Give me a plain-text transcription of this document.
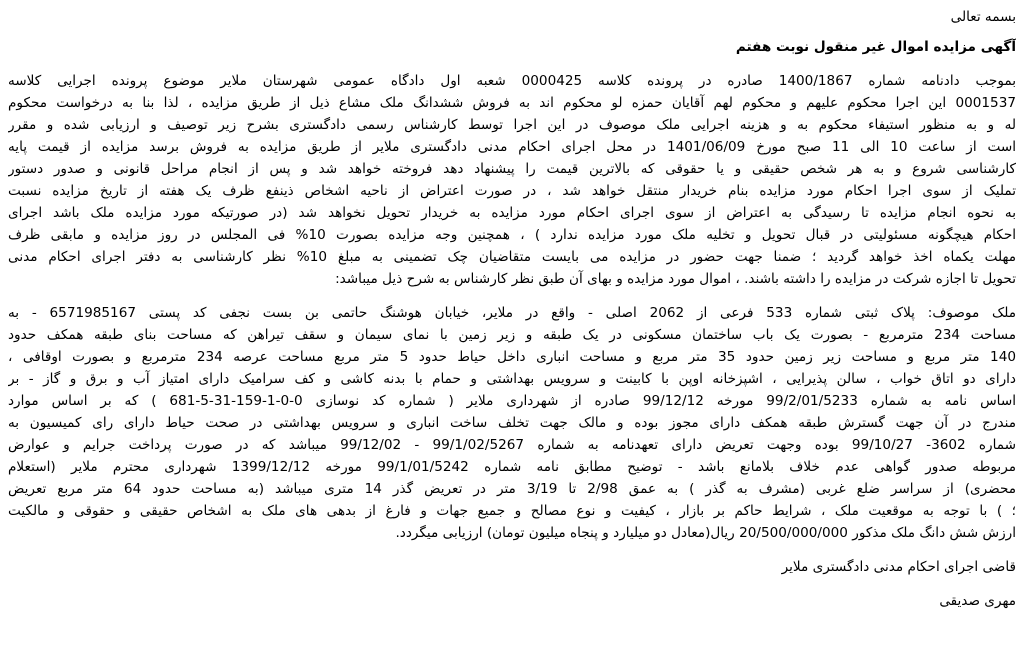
بسمه تعالی
آگهی مزایده اموال غیر منقول نوبت هفتم
بموجب دادنامه شماره 1400/1867 صادره در پرونده کلاسه 0000425 شعبه اول دادگاه عمومی شهرستان ملایر موضوع پرونده اجرایی کلاسه
0001537 این اجرا محکوم علیهم و محکوم لهم آقایان حمزه لو محکوم اند به فروش ششدانگ ملک مشاع ذیل از طریق مزایده ، لذا بنا به درخواست محکوم
له و به منظور استیفاء محکوم به و هزینه اجرایی ملک موصوف در این اجرا توسط کارشناس رسمی دادگستری بشرح زیر توصیف و ارزیابی شده و مقرر
است از ساعت 10 الی 11 صبح مورخ 1401/06/09 در محل اجرای احکام مدنی دادگستری ملایر از طریق مزایده به فروش برسد مزایده از قیمت پایه
کارشناسی شروع و به هر شخص حقیقی و یا حقوقی که بالاترین قیمت را پیشنهاد دهد فروخته خواهد شد و پس از انجام مراحل قانونی و صدور دستور
تملیک از سوی اجرا احکام مورد مزایده بنام خریدار منتقل خواهد شد ، در صورت اعتراض از ناحیه اشخاص ذینفع ظرف یک هفته از تاریخ مزایده نسبت
به نحوه انجام مزایده تا رسیدگی به اعتراض از سوی اجرای احکام مورد مزایده به خریدار تحویل نخواهد شد (در صورتیکه مورد مزایده ملک باشد اجرای
احکام هیچگونه مسئولیتی در قبال تحویل و تخلیه ملک مورد مزایده ندارد ) ، همچنین وجه مزایده بصورت 10% فی المجلس در روز مزایده و مابقی ظرف
مهلت یکماه اخذ خواهد گردید ؛ ضمنا جهت حضور در مزایده می بایست متقاضیان چک تضمینی به مبلغ 10% نظر کارشناسی به دفتر اجرای احکام مدنی
تحویل تا اجازه شرکت در مزایده را داشته باشند. ، اموال مورد مزایده و بهای آن طبق نظر کارشناس به شرح ذیل میباشد:
ملک موصوف: پلاک ثبتی شماره 533 فرعی از 2062 اصلی - واقع در ملایر، خیابان هوشنگ حاتمی بن بست نجفی کد پستی 6571985167 - به
مساحت 234 مترمربع - بصورت یک باب ساختمان مسکونی در یک طبقه و زیر زمین با نمای سیمان و سقف تیراهن که مساحت بنای طبقه همکف حدود
140 متر مربع و مساحت زیر زمین حدود 35 متر مربع و مساحت انباری داخل حیاط حدود 5 متر مربع مساحت عرصه 234 مترمربع و بصورت اوقافی ،
دارای دو اتاق خواب ، سالن پذیرایی ، اشپزخانه اوپن با کابینت و سرویس بهداشتی و حمام با بدنه کاشی و کف سرامیک دارای امتیاز آب و برق و گاز - بر
اساس نامه به شماره 99/2/01/5233 مورخه 99/12/12 صادره از شهرداری ملایر ( شماره کد نوسازی 0-0-1-159-31-5-681 ) که بر اساس موارد
مندرج در آن جهت گسترش طبقه همکف دارای مجوز بوده و مالک جهت تخلف ساخت انباری و سرویس بهداشتی در صحت حیاط دارای رای کمیسیون به
شماره 3602- 99/10/27 بوده وجهت تعریض دارای تعهدنامه به شماره 99/1/02/5267 - 99/12/02 میباشد که در صورت پرداخت جرایم و عوارض
مربوطه صدور گواهی عدم خلاف بلامانع باشد - توضیح مطابق نامه شماره 99/1/01/5242 مورخه 1399/12/12 شهرداری محترم ملایر (استعلام
محضری) از سراسر ضلع غربی (مشرف به گذر ) به عمق 2/98 تا 3/19 متر در تعریض گذر 14 متری میباشد (به مساحت حدود 64 متر مربع تعریض
؛ ) با توجه به موقعیت ملک ، شرایط حاکم بر بازار ، کیفیت و نوع مصالح و جمیع جهات و فارغ از بدهی های ملک به اشخاص حقیقی و حقوقی و مالکیت
ارزش شش دانگ ملک مذکور 20/500/000/000 ریال(معادل دو میلیارد و پنجاه میلیون تومان) ارزیابی میگردد.
قاضی اجرای احکام مدنی دادگستری ملایر
مهری صدیقی
